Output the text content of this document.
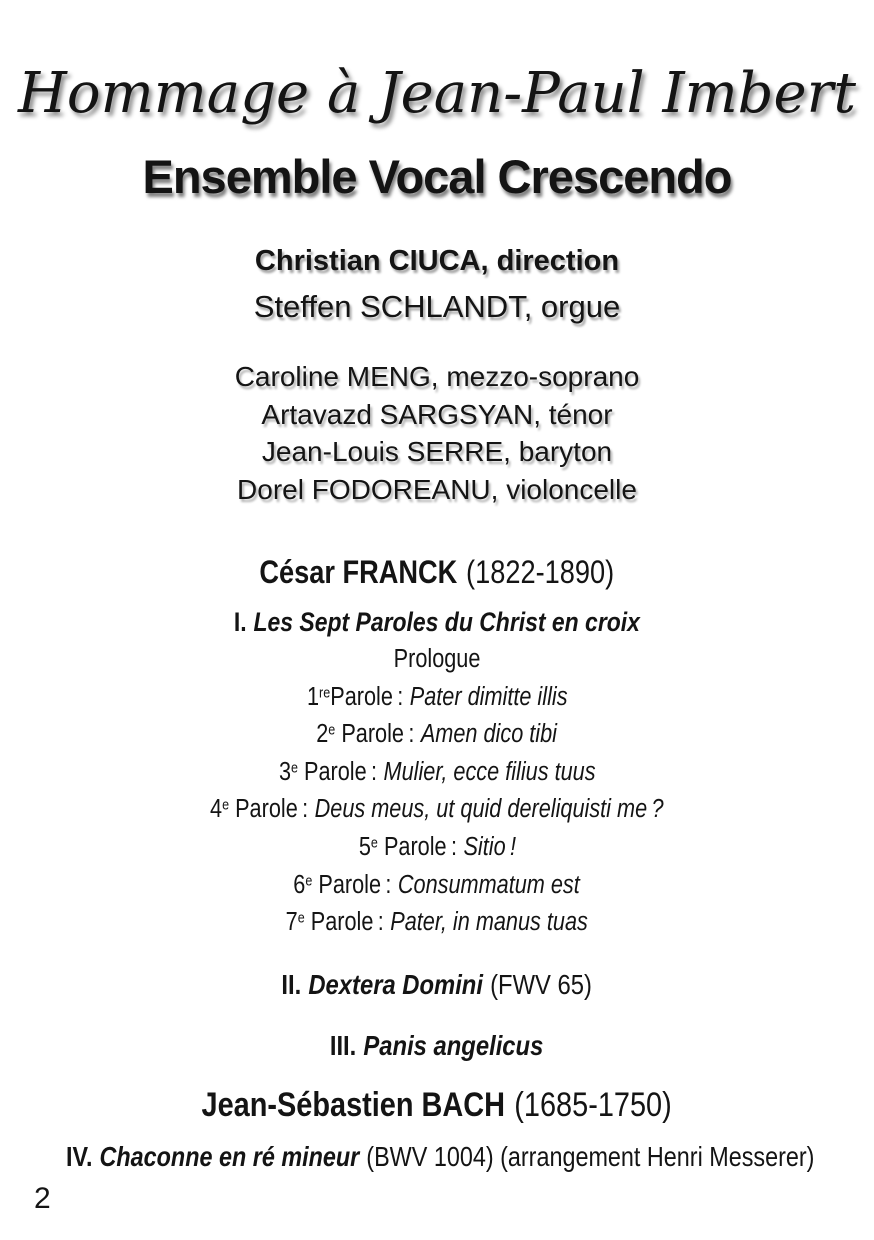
Hommage à Jean-Paul Imbert
Ensemble Vocal Crescendo
Christian CIUCA, direction
Steffen SCHLANDT, orgue
Caroline MENG, mezzo-soprano
Artavazd SARGSYAN, ténor
Jean-Louis SERRE, baryton
Dorel FODOREANU, violoncelle
César FRANCK (1822-1890)
I. Les Sept Paroles du Christ en croix
Prologue
1reParole : Pater dimitte illis
2e Parole : Amen dico tibi
3e Parole : Mulier, ecce filius tuus
4e Parole : Deus meus, ut quid dereliquisti me ?
5e Parole : Sitio !
6e Parole : Consummatum est
7e Parole : Pater, in manus tuas
II. Dextera Domini (FWV 65)
III. Panis angelicus
Jean-Sébastien BACH (1685-1750)
IV. Chaconne en ré mineur (BWV 1004) (arrangement Henri Messerer)
2
